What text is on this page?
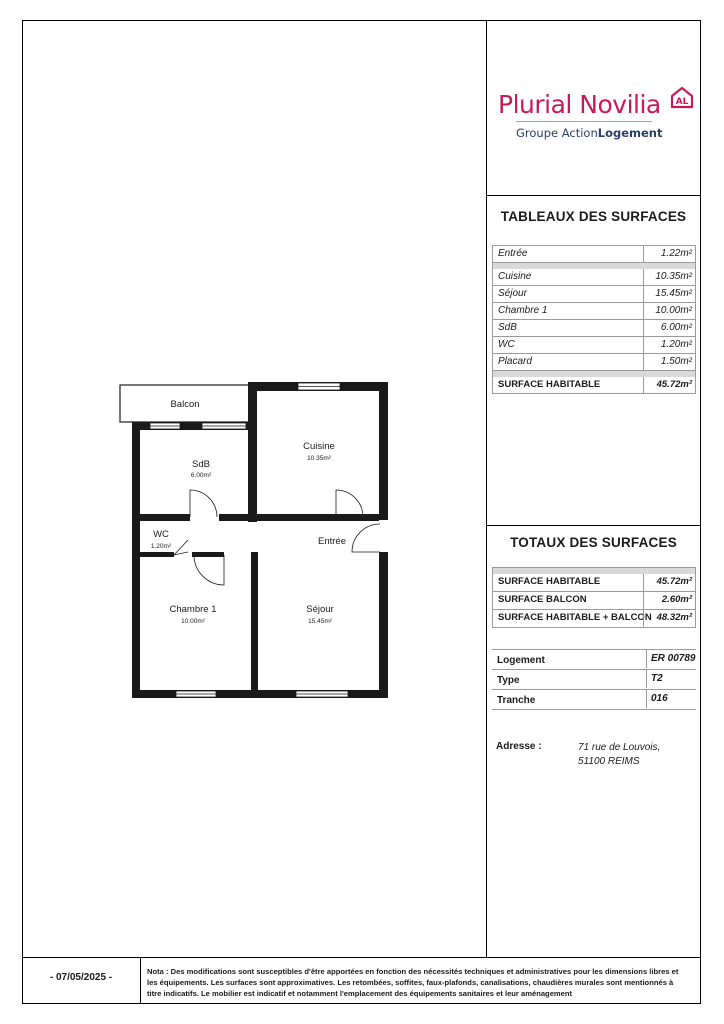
Plurial Novilia AL
Groupe ActionLogement
TABLEAUX DES SURFACES
Entrée	1.22m²
Cuisine	10.35m²
Séjour	15.45m²
Chambre 1	10.00m²
SdB	6.00m²
WC	1.20m²
Placard	1.50m²
SURFACE HABITABLE	45.72m²
TOTAUX DES SURFACES
SURFACE HABITABLE	45.72m²
SURFACE BALCON	2.60m²
SURFACE HABITABLE + BALCON 48.32m²
Logement	ER 00789
Type	T2
Tranche	016
Adresse :	71 rue de Louvois,
51100 REIMS
- 07/05/2025 -
Nota : Des modifications sont susceptibles d'être apportées en fonction des nécessités techniques et administratives pour les dimensions libres et les équipements. Les surfaces sont approximatives. Les retombées, soffites, faux-plafonds, canalisations, chaudières murales sont mentionnés à titre indicatifs. Le mobilier est indicatif et notamment l'emplacement des équipements sanitaires et leur aménagement
Balcon
Cuisine
10.35m²
SdB
6.00m²
WC
1.20m²	Entrée
Chambre 1
10.00m²
Séjour
15.45m²
